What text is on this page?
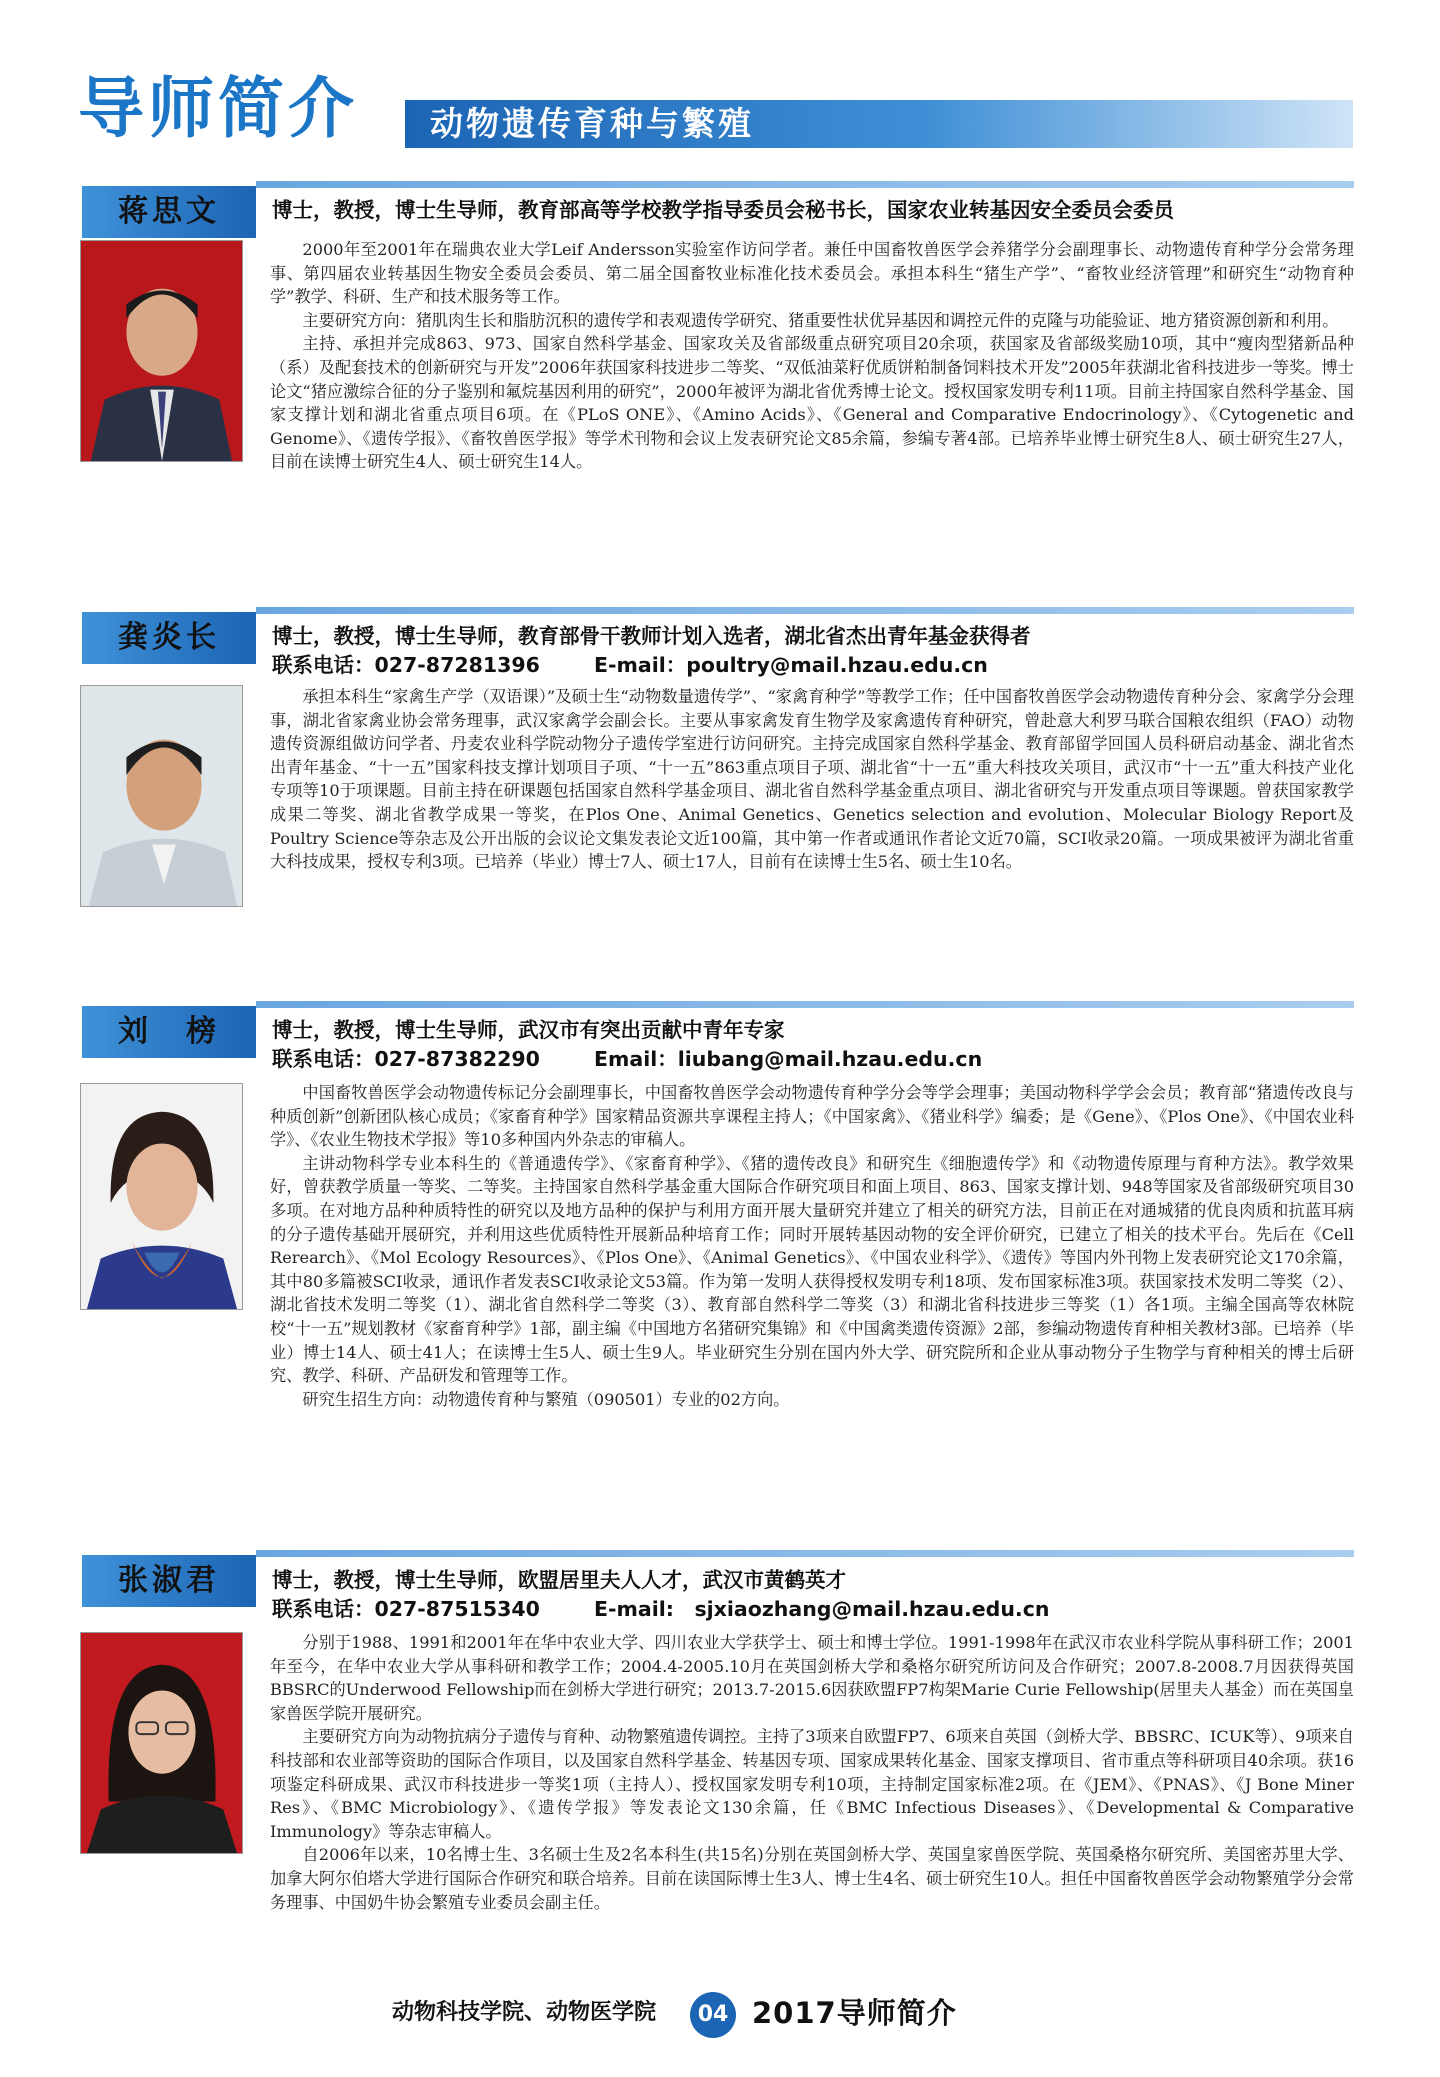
导师简介 动物遗传育种与繁殖
蒋思文	博士，教授，博士生导师，教育部高等学校教学指导委员会秘书长，国家农业转基因安全委员会委员

2000年至2001年在瑞典农业大学Leif Andersson实验室作访问学者。兼任中国畜牧兽医学会养猪学分会副理事长、动物遗传育种学分会常务理事、第四届农业转基因生物安全委员会委员、第二届全国畜牧业标准化技术委员会。承担本科生“猪生产学”、“畜牧业经济管理”和研究生“动物育种学”教学、科研、生产和技术服务等工作。

主要研究方向：猪肌肉生长和脂肪沉积的遗传学和表观遗传学研究、猪重要性状优异基因和调控元件的克隆与功能验证、地方猪资源创新和利用。

主持、承担并完成863、973、国家自然科学基金、国家攻关及省部级重点研究项目20余项，获国家及省部级奖励10项，其中“瘦肉型猪新品种（系）及配套技术的创新研究与开发”2006年获国家科技进步二等奖、“双低油菜籽优质饼粕制备饲料技术开发”2005年获湖北省科技进步一等奖。博士论文“猪应激综合征的分子鉴别和氟烷基因利用的研究”，2000年被评为湖北省优秀博士论文。授权国家发明专利11项。目前主持国家自然科学基金、国家支撑计划和湖北省重点项目6项。在《PLoS ONE》、《Amino Acids》、《General and Comparative Endocrinology》、《Cytogenetic and Genome》、《遗传学报》、《畜牧兽医学报》等学术刊物和会议上发表研究论文85余篇，参编专著4部。已培养毕业博士研究生8人、硕士研究生27人，目前在读博士研究生4人、硕士研究生14人。

龚炎长	博士，教授，博士生导师，教育部骨干教师计划入选者，湖北省杰出青年基金获得者
联系电话：027-87281396	E-mail：poultry@mail.hzau.edu.cn

承担本科生“家禽生产学（双语课）”及硕士生“动物数量遗传学”、“家禽育种学”等教学工作；任中国畜牧兽医学会动物遗传育种分会、家禽学分会理事，湖北省家禽业协会常务理事，武汉家禽学会副会长。主要从事家禽发育生物学及家禽遗传育种研究，曾赴意大利罗马联合国粮农组织（FAO）动物遗传资源组做访问学者、丹麦农业科学院动物分子遗传学室进行访问研究。主持完成国家自然科学基金、教育部留学回国人员科研启动基金、湖北省杰出青年基金、“十一五”国家科技支撑计划项目子项、“十一五”863重点项目子项、湖北省“十一五”重大科技攻关项目，武汉市“十一五”重大科技产业化专项等10于项课题。目前主持在研课题包括国家自然科学基金项目、湖北省自然科学基金重点项目、湖北省研究与开发重点项目等课题。曾获国家教学成果二等奖、湖北省教学成果一等奖，在Plos One、Animal Genetics、Genetics selection and evolution、Molecular Biology Report及Poultry Science等杂志及公开出版的会议论文集发表论文近100篇，其中第一作者或通讯作者论文近70篇，SCI收录20篇。一项成果被评为湖北省重大科技成果，授权专利3项。已培养（毕业）博士7人、硕士17人，目前有在读博士生5名、硕士生10名。

刘　榜	博士，教授，博士生导师，武汉市有突出贡献中青年专家
联系电话：027-87382290	Email：liubang@mail.hzau.edu.cn

中国畜牧兽医学会动物遗传标记分会副理事长，中国畜牧兽医学会动物遗传育种学分会等学会理事；美国动物科学学会会员；教育部“猪遗传改良与种质创新”创新团队核心成员；《家畜育种学》国家精品资源共享课程主持人；《中国家禽》、《猪业科学》编委；是《Gene》、《Plos One》、《中国农业科学》、《农业生物技术学报》等10多种国内外杂志的审稿人。

主讲动物科学专业本科生的《普通遗传学》、《家畜育种学》、《猪的遗传改良》和研究生《细胞遗传学》和《动物遗传原理与育种方法》。教学效果好，曾获教学质量一等奖、二等奖。主持国家自然科学基金重大国际合作研究项目和面上项目、863、国家支撑计划、948等国家及省部级研究项目30多项。在对地方品种种质特性的研究以及地方品种的保护与利用方面开展大量研究并建立了相关的研究方法，目前正在对通城猪的优良肉质和抗蓝耳病的分子遗传基础开展研究，并利用这些优质特性开展新品种培育工作；同时开展转基因动物的安全评价研究，已建立了相关的技术平台。先后在《Cell Rerearch》、《Mol Ecology Resources》、《Plos One》、《Animal Genetics》、《中国农业科学》、《遗传》等国内外刊物上发表研究论文170余篇，其中80多篇被SCI收录，通讯作者发表SCI收录论文53篇。作为第一发明人获得授权发明专利18项、发布国家标准3项。获国家技术发明二等奖（2）、湖北省技术发明二等奖（1）、湖北省自然科学二等奖（3）、教育部自然科学二等奖（3）和湖北省科技进步三等奖（1）各1项。主编全国高等农林院校“十一五”规划教材《家畜育种学》1部，副主编《中国地方名猪研究集锦》和《中国禽类遗传资源》2部，参编动物遗传育种相关教材3部。已培养（毕业）博士14人、硕士41人；在读博士生5人、硕士生9人。毕业研究生分别在国内外大学、研究院所和企业从事动物分子生物学与育种相关的博士后研究、教学、科研、产品研发和管理等工作。

研究生招生方向：动物遗传育种与繁殖（090501）专业的02方向。

张淑君	博士，教授，博士生导师，欧盟居里夫人人才，武汉市黄鹤英才
联系电话：027-87515340	E-mail:　sjxiaozhang@mail.hzau.edu.cn

分别于1988、1991和2001年在华中农业大学、四川农业大学获学士、硕士和博士学位。1991-1998年在武汉市农业科学院从事科研工作；2001年至今，在华中农业大学从事科研和教学工作；2004.4-2005.10月在英国剑桥大学和桑格尔研究所访问及合作研究；2007.8-2008.7月因获得英国BBSRC的Underwood Fellowship而在剑桥大学进行研究；2013.7-2015.6因获欧盟FP7构架Marie Curie Fellowship(居里夫人基金）而在英国皇家兽医学院开展研究。

主要研究方向为动物抗病分子遗传与育种、动物繁殖遗传调控。主持了3项来自欧盟FP7、6项来自英国（剑桥大学、BBSRC、ICUK等）、9项来自科技部和农业部等资助的国际合作项目，以及国家自然科学基金、转基因专项、国家成果转化基金、国家支撑项目、省市重点等科研项目40余项。获16项鉴定科研成果、武汉市科技进步一等奖1项（主持人）、授权国家发明专利10项，主持制定国家标准2项。在《JEM》、《PNAS》、《J Bone Miner Res》、《BMC Microbiology》、《遗传学报》等发表论文130余篇，任《BMC Infectious Diseases》、《Developmental & Comparative Immunology》等杂志审稿人。

自2006年以来，10名博士生、3名硕士生及2名本科生(共15名)分别在英国剑桥大学、英国皇家兽医学院、英国桑格尔研究所、美国密苏里大学、加拿大阿尔伯塔大学进行国际合作研究和联合培养。目前在读国际博士生3人、博士生4名、硕士研究生10人。担任中国畜牧兽医学会动物繁殖学分会常务理事、中国奶牛协会繁殖专业委员会副主任。

动物科技学院、动物医学院	04 2017导师简介
